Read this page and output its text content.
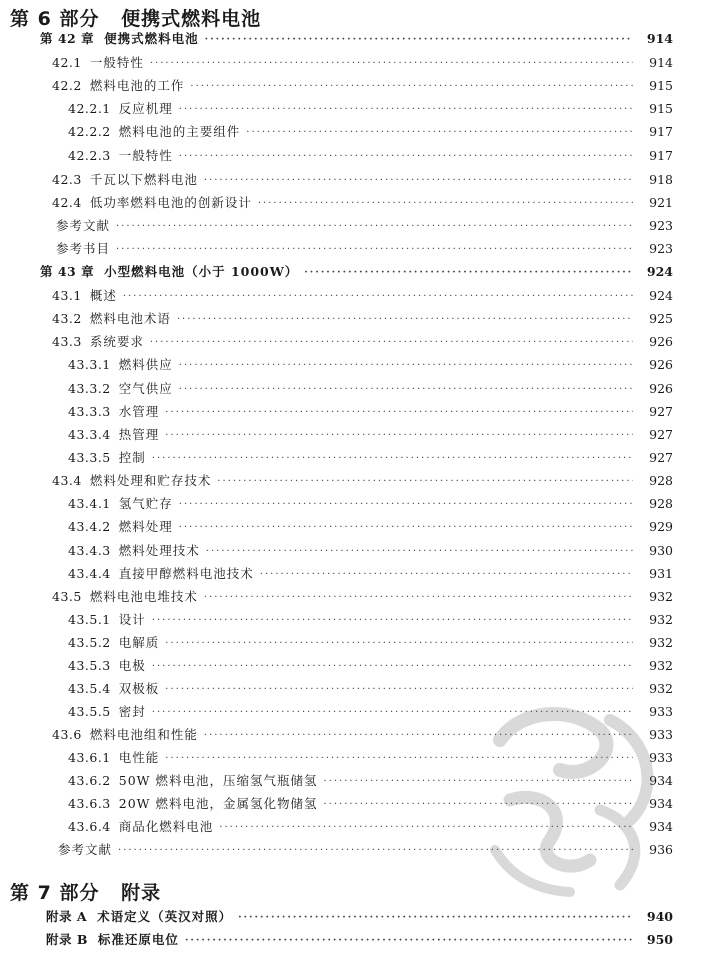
第 6 部分 便携式燃料电池
第 42 章 便携式燃料电池 ·····	914
42.1 一般特性 ·····	914
42.2 燃料电池的工作 ·····	915
42.2.1 反应机理 ·····	915
42.2.2 燃料电池的主要组件 ·····	917
42.2.3 一般特性 ·····	917
42.3 千瓦以下燃料电池 ·····	918
42.4 低功率燃料电池的创新设计 ·····	921
参考文献 ·····	923
参考书目 ·····	923
第 43 章 小型燃料电池（小于 1000W） ·····	924
43.1 概述 ·····	924
43.2 燃料电池术语 ·····	925
43.3 系统要求 ·····	926
43.3.1 燃料供应 ·····	926
43.3.2 空气供应 ·····	926
43.3.3 水管理 ·····	927
43.3.4 热管理 ·····	927
43.3.5 控制 ·····	927
43.4 燃料处理和贮存技术 ·····	928
43.4.1 氢气贮存 ·····	928
43.4.2 燃料处理 ·····	929
43.4.3 燃料处理技术 ·····	930
43.4.4 直接甲醇燃料电池技术 ·····	931
43.5 燃料电池电堆技术 ·····	932
43.5.1 设计 ·····	932
43.5.2 电解质 ·····	932
43.5.3 电极 ·····	932
43.5.4 双极板 ·····	932
43.5.5 密封 ·····	933
43.6 燃料电池组和性能 ·····	933
43.6.1 电性能 ·····	933
43.6.2 50W 燃料电池，压缩氢气瓶储氢 ·····	934
43.6.3 20W 燃料电池，金属氢化物储氢 ·····	934
43.6.4 商品化燃料电池 ·····	934
参考文献 ·····	936
第 7 部分 附录
附录 A 术语定义（英汉对照） ·····	940
附录 B 标准还原电位 ·····	950
